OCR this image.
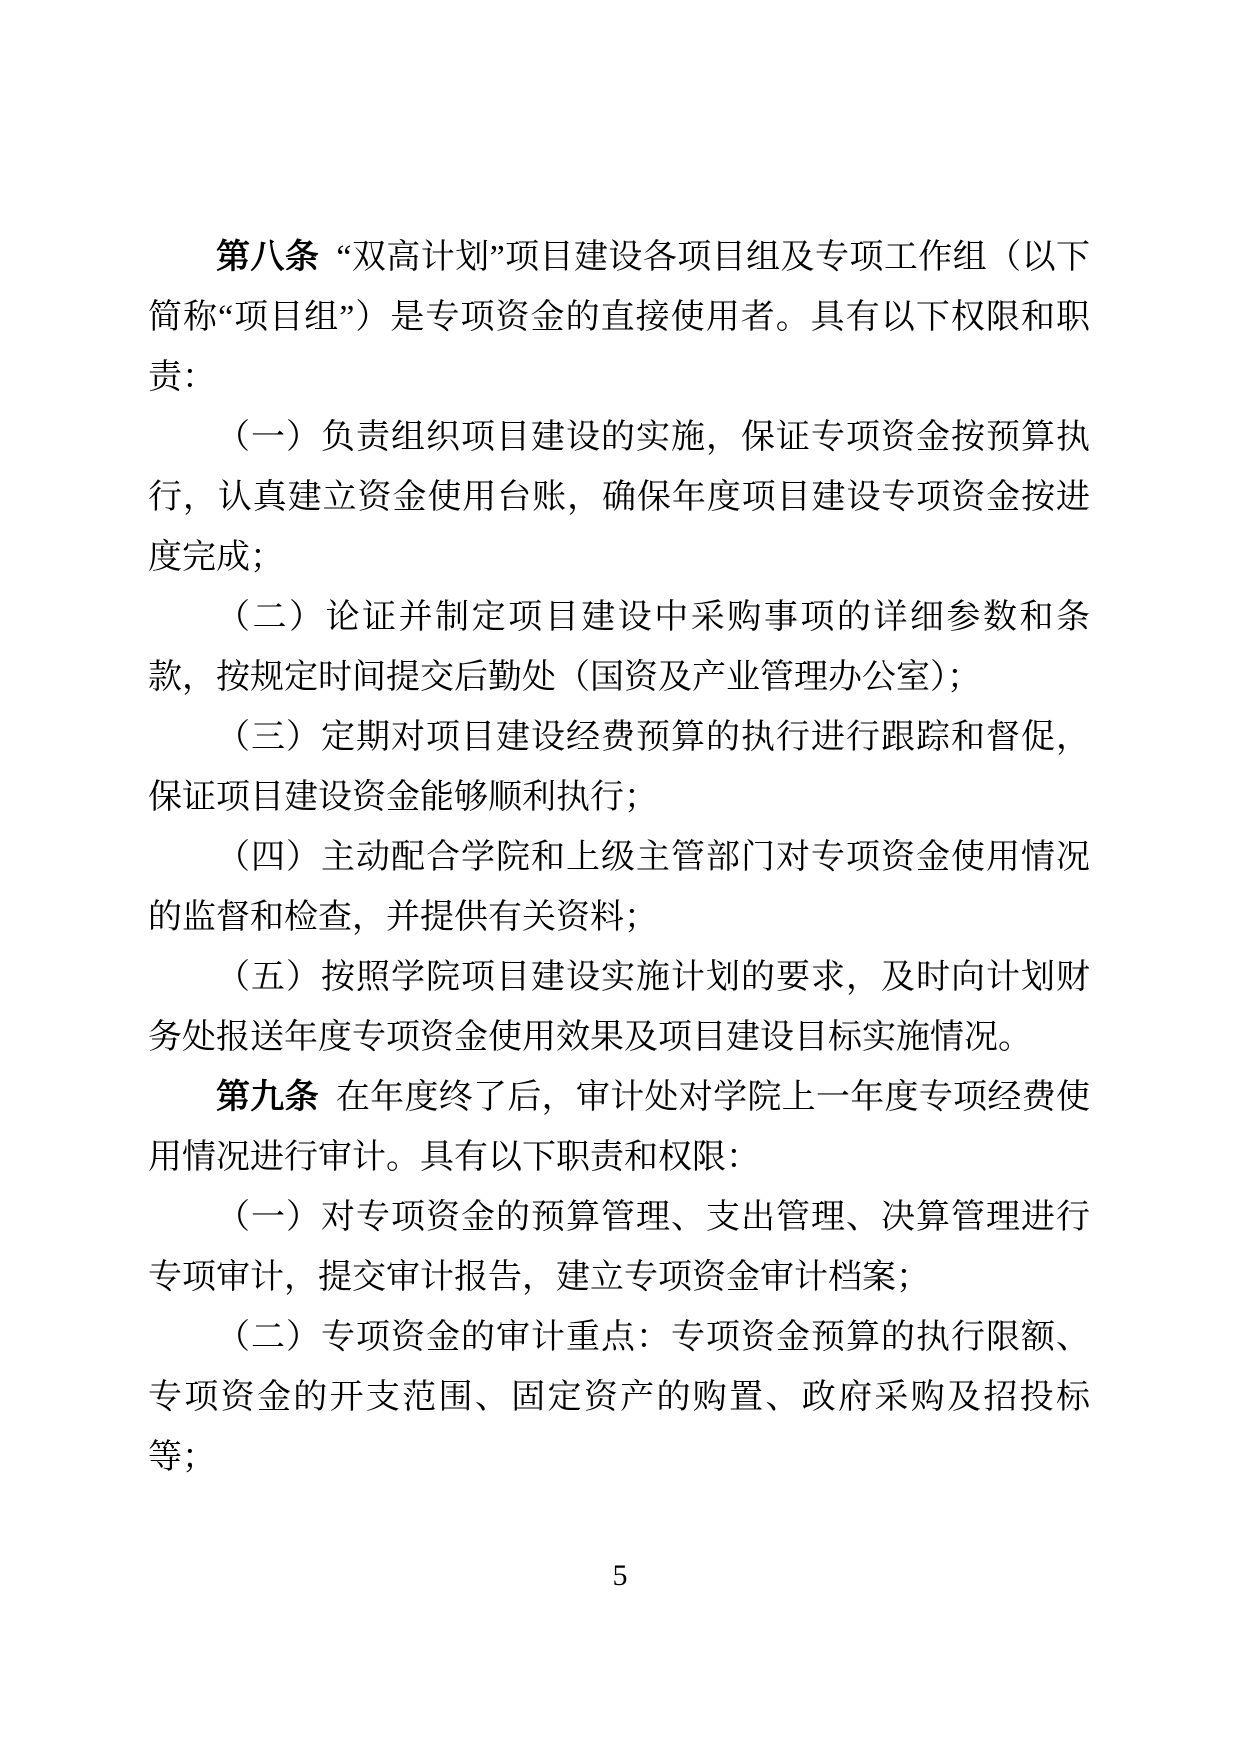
第八条 “双高计划”项目建设各项目组及专项工作组（以下简称“项目组”）是专项资金的直接使用者。具有以下权限和职责：

（一）负责组织项目建设的实施，保证专项资金按预算执行，认真建立资金使用台账，确保年度项目建设专项资金按进度完成；

（二）论证并制定项目建设中采购事项的详细参数和条款，按规定时间提交后勤处（国资及产业管理办公室）；

（三）定期对项目建设经费预算的执行进行跟踪和督促，保证项目建设资金能够顺利执行；

（四）主动配合学院和上级主管部门对专项资金使用情况的监督和检查，并提供有关资料；

（五）按照学院项目建设实施计划的要求，及时向计划财务处报送年度专项资金使用效果及项目建设目标实施情况。

第九条 在年度终了后，审计处对学院上一年度专项经费使用情况进行审计。具有以下职责和权限：

（一）对专项资金的预算管理、支出管理、决算管理进行专项审计，提交审计报告，建立专项资金审计档案；

（二）专项资金的审计重点：专项资金预算的执行限额、专项资金的开支范围、固定资产的购置、政府采购及招投标等；

5
